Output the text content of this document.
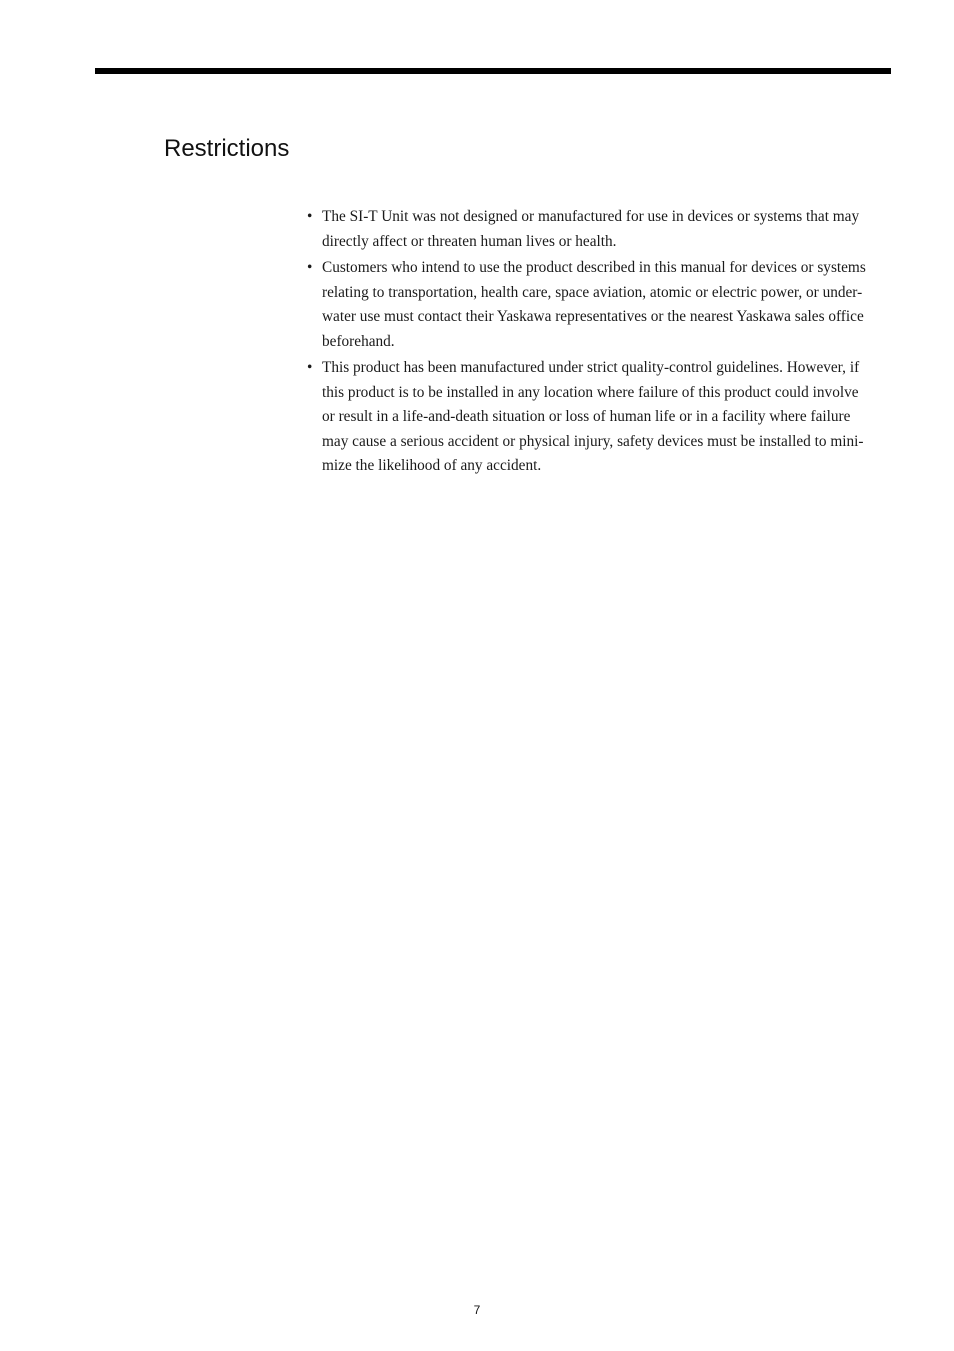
Restrictions
• The SI-T Unit was not designed or manufactured for use in devices or systems that may
directly affect or threaten human lives or health.
• Customers who intend to use the product described in this manual for devices or systems
relating to transportation, health care, space aviation, atomic or electric power, or under-
water use must contact their Yaskawa representatives or the nearest Yaskawa sales office
beforehand.
• This product has been manufactured under strict quality-control guidelines. However, if
this product is to be installed in any location where failure of this product could involve
or result in a life-and-death situation or loss of human life or in a facility where failure
may cause a serious accident or physical injury, safety devices must be installed to mini-
mize the likelihood of any accident.
7
